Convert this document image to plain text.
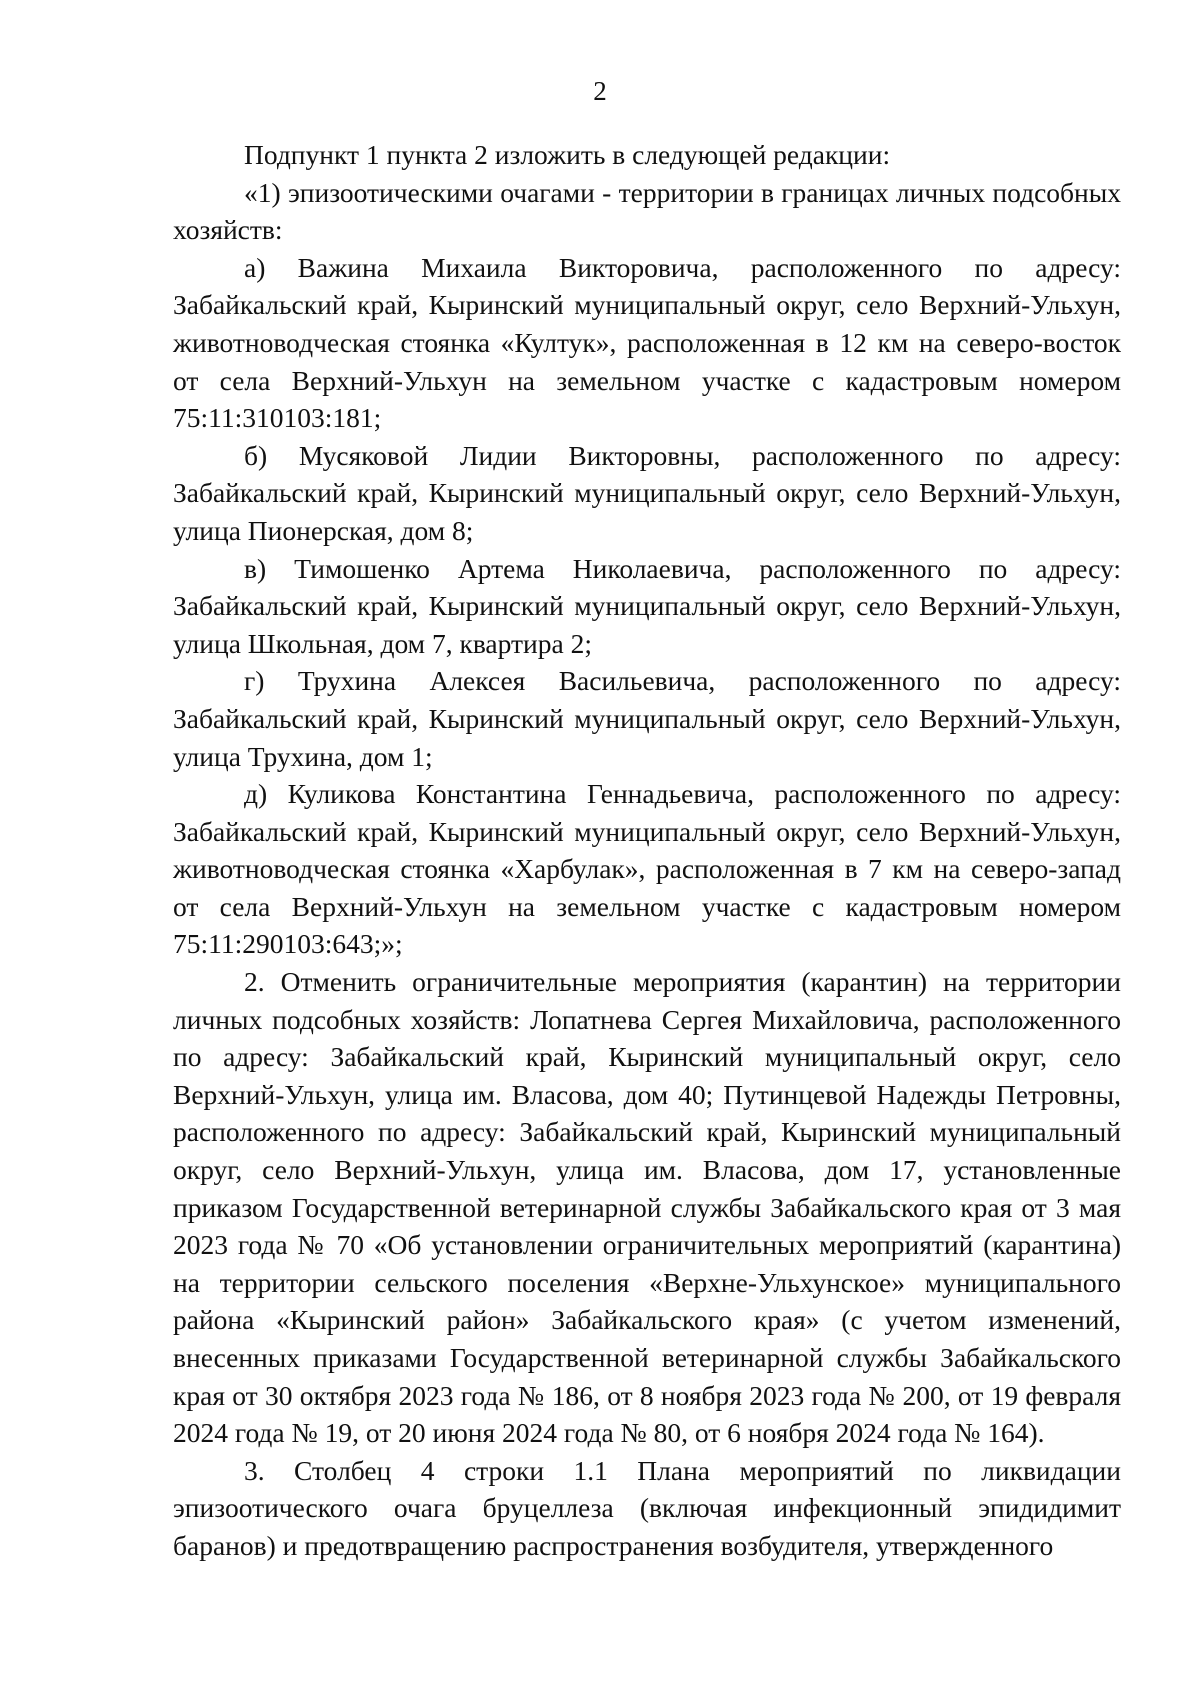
2

Подпункт 1 пункта 2 изложить в следующей редакции:

«1) эпизоотическими очагами - территории в границах личных подсобных хозяйств:

а) Важина Михаила Викторовича, расположенного по адресу: Забайкальский край, Кыринский муниципальный округ, село Верхний-Ульхун, животноводческая стоянка «Култук», расположенная в 12 км на северо-восток от села Верхний-Ульхун на земельном участке с кадастровым номером 75:11:310103:181;

б) Мусяковой Лидии Викторовны, расположенного по адресу: Забайкальский край, Кыринский муниципальный округ, село Верхний-Ульхун, улица Пионерская, дом 8;

в) Тимошенко Артема Николаевича, расположенного по адресу: Забайкальский край, Кыринский муниципальный округ, село Верхний-Ульхун, улица Школьная, дом 7, квартира 2;

г) Трухина Алексея Васильевича, расположенного по адресу: Забайкальский край, Кыринский муниципальный округ, село Верхний-Ульхун, улица Трухина, дом 1;

д) Куликова Константина Геннадьевича, расположенного по адресу: Забайкальский край, Кыринский муниципальный округ, село Верхний-Ульхун, животноводческая стоянка «Харбулак», расположенная в 7 км на северо-запад от села Верхний-Ульхун на земельном участке с кадастровым номером 75:11:290103:643;»;

2. Отменить ограничительные мероприятия (карантин) на территории личных подсобных хозяйств: Лопатнева Сергея Михайловича, расположенного по адресу: Забайкальский край, Кыринский муниципальный округ, село Верхний-Ульхун, улица им. Власова, дом 40; Путинцевой Надежды Петровны, расположенного по адресу: Забайкальский край, Кыринский муниципальный округ, село Верхний-Ульхун, улица им. Власова, дом 17, установленные приказом Государственной ветеринарной службы Забайкальского края от 3 мая 2023 года № 70 «Об установлении ограничительных мероприятий (карантина) на территории сельского поселения «Верхне-Ульхунское» муниципального района «Кыринский район» Забайкальского края» (с учетом изменений, внесенных приказами Государственной ветеринарной службы Забайкальского края от 30 октября 2023 года № 186, от 8 ноября 2023 года № 200, от 19 февраля 2024 года № 19, от 20 июня 2024 года № 80, от 6 ноября 2024 года № 164).

3. Столбец 4 строки 1.1 Плана мероприятий по ликвидации эпизоотического очага бруцеллеза (включая инфекционный эпидидимит баранов) и предотвращению распространения возбудителя, утвержденного
